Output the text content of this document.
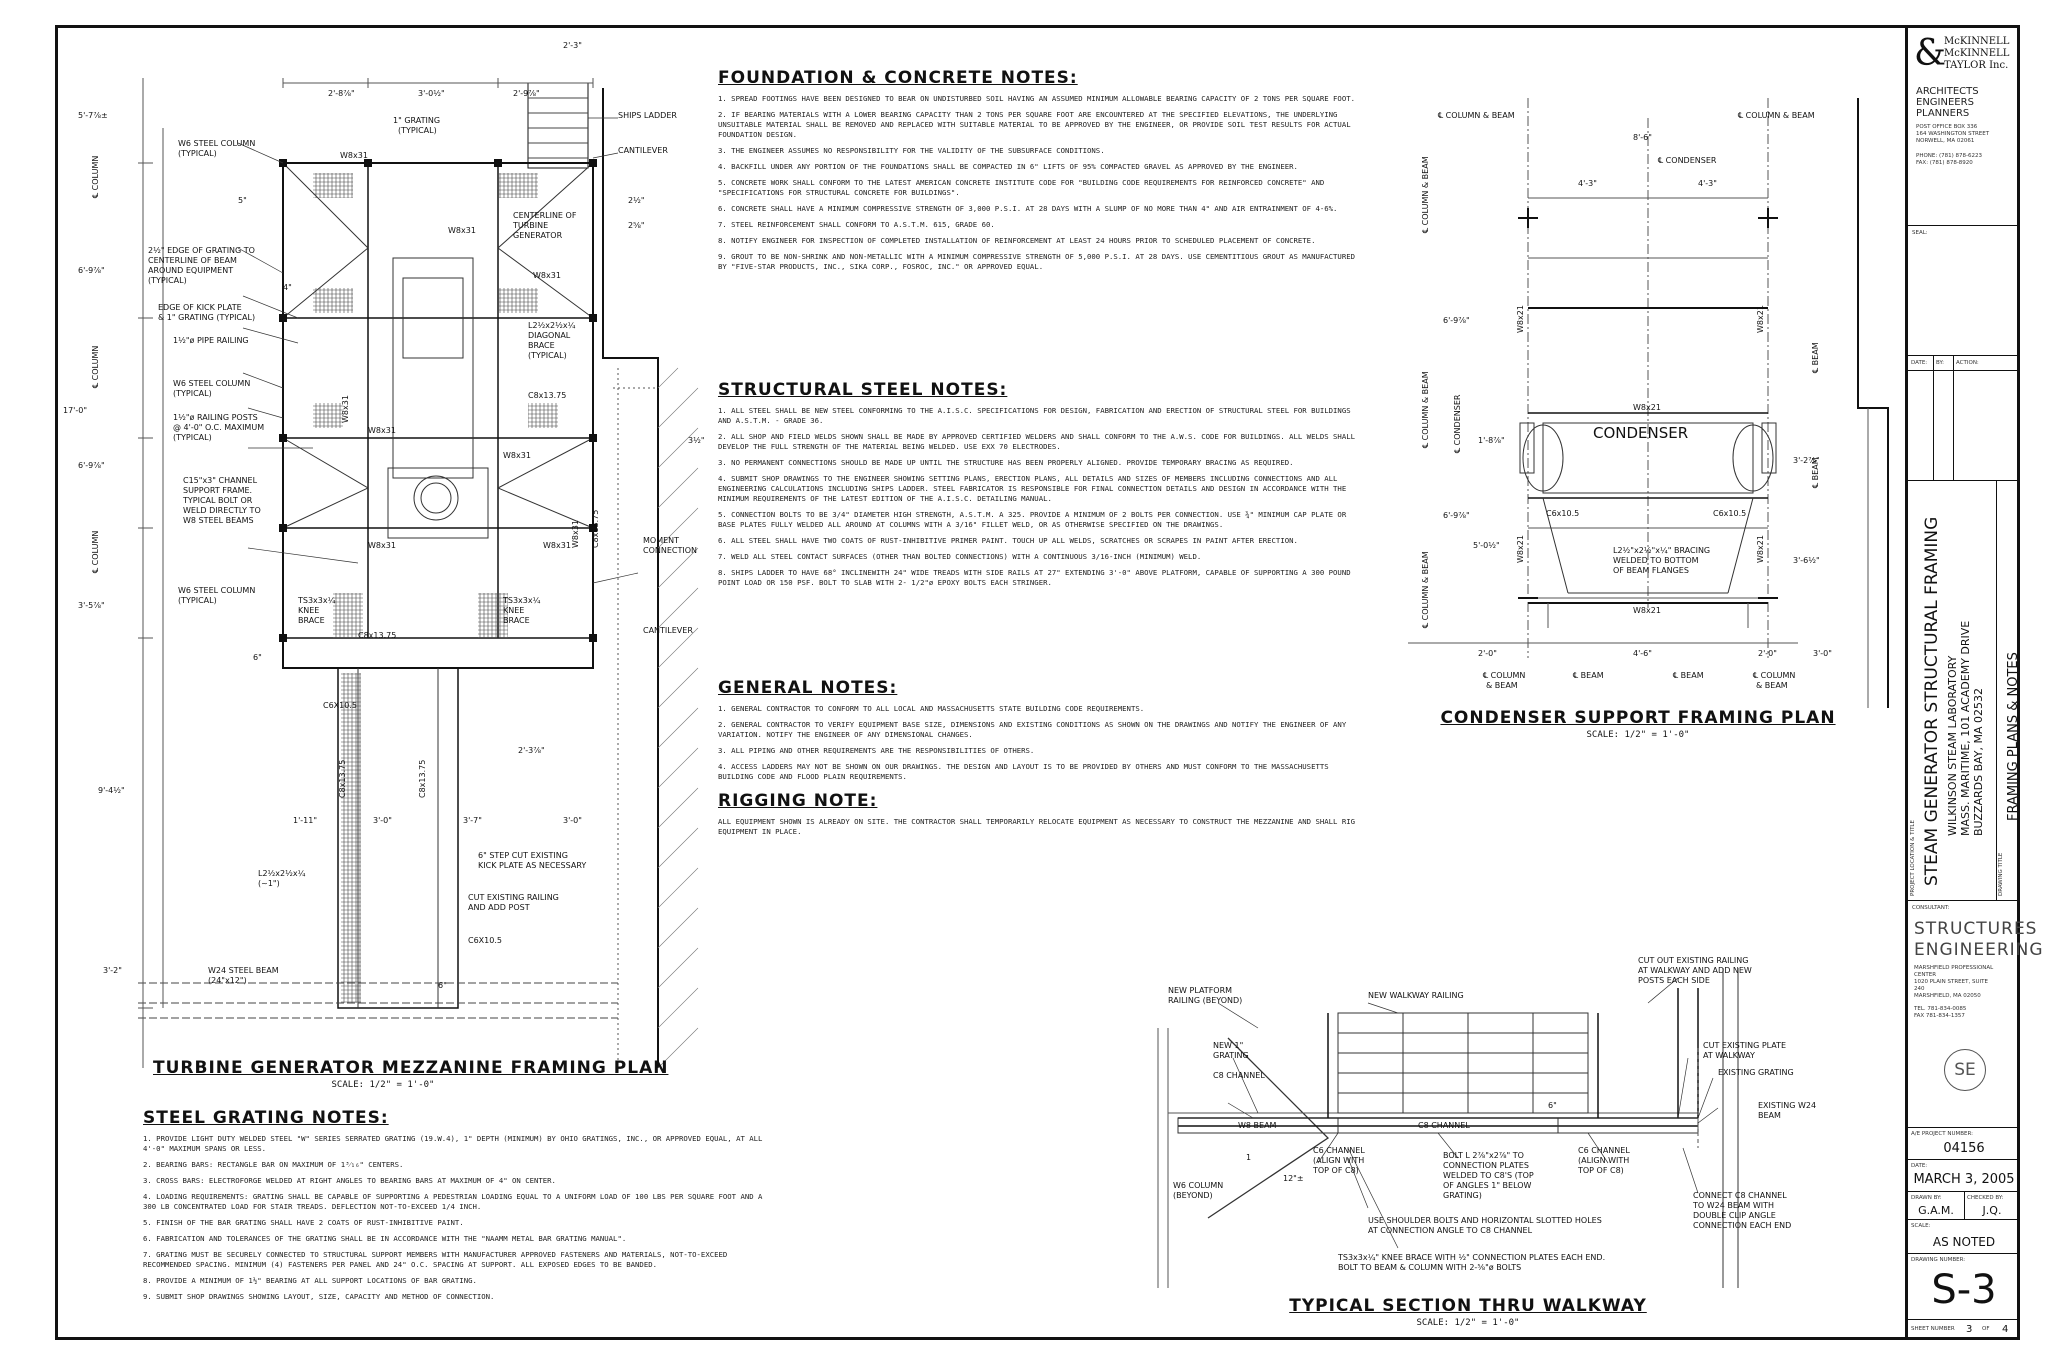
SHIPS LADDER
CANTILEVER
1" GRATING
(TYPICAL)
W6 STEEL COLUMN
(TYPICAL)
CENTERLINE OF
TURBINE
GENERATOR
2½" EDGE OF GRATING TO
CENTERLINE OF BEAM
AROUND EQUIPMENT
(TYPICAL)
EDGE OF KICK PLATE
& 1" GRATING (TYPICAL)
1½"ø PIPE RAILING
W6 STEEL COLUMN
(TYPICAL)
1½"ø RAILING POSTS
@ 4'-0" O.C. MAXIMUM
(TYPICAL)
C15"x3" CHANNEL
SUPPORT FRAME.
TYPICAL BOLT OR
WELD DIRECTLY TO
W8 STEEL BEAMS
W6 STEEL COLUMN
(TYPICAL)
MOMENT
CONNECTION
CANTILEVER
L2½x2½x¼
DIAGONAL
BRACE
(TYPICAL)
TS3x3x¼
KNEE
BRACE
TS3x3x¼
KNEE
BRACE
6" STEP CUT EXISTING
KICK PLATE AS NECESSARY
CUT EXISTING RAILING
AND ADD POST
W24 STEEL BEAM
(24"x12")
L2½x2½x¼
(~1")
C6X10.5
C6X10.5
W8x31
W8x31
W8x31
W8x31
W8x31
W8x31	W8x31
C8x13.75
C8x13.75
2'-8⅞"	3'-0½"	2'-9⅞"
2'-3"
5'-7⅞±
6'-9⅞"
17'-0"
6'-9⅞"
3'-5⅞"
9'-4½"
3'-2"
1'-11"	3'-0"	3'-7"	3'-0"
2'-3⅞"
5"
4"
6"
3½"
2½"
2⅝"
6"
℄ COLUMN
℄ COLUMN
℄ COLUMN
C8x13.75	C8x13.75
C8x13.75
W8x31
W8x31
TURBINE GENERATOR MEZZANINE FRAMING PLAN
SCALE: 1/2" = 1'-0"
FOUNDATION & CONCRETE NOTES:
1. SPREAD FOOTINGS HAVE BEEN DESIGNED TO BEAR ON UNDISTURBED SOIL HAVING AN ASSUMED MINIMUM ALLOWABLE BEARING CAPACITY OF 2 TONS PER SQUARE FOOT.
2. IF BEARING MATERIALS WITH A LOWER BEARING CAPACITY THAN 2 TONS PER SQUARE FOOT ARE ENCOUNTERED AT THE SPECIFIED ELEVATIONS, THE UNDERLYING UNSUITABLE MATERIAL SHALL BE REMOVED AND REPLACED WITH SUITABLE MATERIAL TO BE APPROVED BY THE ENGINEER, OR PROVIDE SOIL TEST RESULTS FOR ACTUAL FOUNDATION DESIGN.
3. THE ENGINEER ASSUMES NO RESPONSIBILITY FOR THE VALIDITY OF THE SUBSURFACE CONDITIONS.
4. BACKFILL UNDER ANY PORTION OF THE FOUNDATIONS SHALL BE COMPACTED IN 6" LIFTS OF 95% COMPACTED GRAVEL AS APPROVED BY THE ENGINEER.
5. CONCRETE WORK SHALL CONFORM TO THE LATEST AMERICAN CONCRETE INSTITUTE CODE FOR "BUILDING CODE REQUIREMENTS FOR REINFORCED CONCRETE" AND "SPECIFICATIONS FOR STRUCTURAL CONCRETE FOR BUILDINGS".
6. CONCRETE SHALL HAVE A MINIMUM COMPRESSIVE STRENGTH OF 3,000 P.S.I. AT 28 DAYS WITH A SLUMP OF NO MORE THAN 4" AND AIR ENTRAINMENT OF 4-6%.
7. STEEL REINFORCEMENT SHALL CONFORM TO A.S.T.M. 615, GRADE 60.
8. NOTIFY ENGINEER FOR INSPECTION OF COMPLETED INSTALLATION OF REINFORCEMENT AT LEAST 24 HOURS PRIOR TO SCHEDULED PLACEMENT OF CONCRETE.
9. GROUT TO BE NON-SHRINK AND NON-METALLIC WITH A MINIMUM COMPRESSIVE STRENGTH OF 5,000 P.S.I. AT 28 DAYS. USE CEMENTITIOUS GROUT AS MANUFACTURED BY "FIVE-STAR PRODUCTS, INC., SIKA CORP., FOSROC, INC." OR APPROVED EQUAL.
STRUCTURAL STEEL NOTES:
1. ALL STEEL SHALL BE NEW STEEL CONFORMING TO THE A.I.S.C. SPECIFICATIONS FOR DESIGN, FABRICATION AND ERECTION OF STRUCTURAL STEEL FOR BUILDINGS AND A.S.T.M. - GRADE 36.
2. ALL SHOP AND FIELD WELDS SHOWN SHALL BE MADE BY APPROVED CERTIFIED WELDERS AND SHALL CONFORM TO THE A.W.S. CODE FOR BUILDINGS. ALL WELDS SHALL DEVELOP THE FULL STRENGTH OF THE MATERIAL BEING WELDED. USE EXX 70 ELECTRODES.
3. NO PERMANENT CONNECTIONS SHOULD BE MADE UP UNTIL THE STRUCTURE HAS BEEN PROPERLY ALIGNED. PROVIDE TEMPORARY BRACING AS REQUIRED.
4. SUBMIT SHOP DRAWINGS TO THE ENGINEER SHOWING SETTING PLANS, ERECTION PLANS, ALL DETAILS AND SIZES OF MEMBERS INCLUDING CONNECTIONS AND ALL ENGINEERING CALCULATIONS INCLUDING SHIPS LADDER. STEEL FABRICATOR IS RESPONSIBLE FOR FINAL CONNECTION DETAILS AND DESIGN IN ACCORDANCE WITH THE MINIMUM REQUIREMENTS OF THE LATEST EDITION OF THE A.I.S.C. DETAILING MANUAL.
5. CONNECTION BOLTS TO BE 3/4" DIAMETER HIGH STRENGTH, A.S.T.M. A 325. PROVIDE A MINIMUM OF 2 BOLTS PER CONNECTION. USE ¾" MINIMUM CAP PLATE OR BASE PLATES FULLY WELDED ALL AROUND AT COLUMNS WITH A 3/16" FILLET WELD, OR AS OTHERWISE SPECIFIED ON THE DRAWINGS.
6. ALL STEEL SHALL HAVE TWO COATS OF RUST-INHIBITIVE PRIMER PAINT. TOUCH UP ALL WELDS, SCRATCHES OR SCRAPES IN PAINT AFTER ERECTION.
7. WELD ALL STEEL CONTACT SURFACES (OTHER THAN BOLTED CONNECTIONS) WITH A CONTINUOUS 3/16-INCH (MINIMUM) WELD.
8. SHIPS LADDER TO HAVE 68° INCLINEWITH 24" WIDE TREADS WITH SIDE RAILS AT 27" EXTENDING 3'-0" ABOVE PLATFORM, CAPABLE OF SUPPORTING A 300 POUND POINT LOAD OR 150 PSF. BOLT TO SLAB WITH 2- 1/2"ø EPOXY BOLTS EACH STRINGER.
GENERAL NOTES:
1. GENERAL CONTRACTOR TO CONFORM TO ALL LOCAL AND MASSACHUSETTS STATE BUILDING CODE REQUIREMENTS.
2. GENERAL CONTRACTOR TO VERIFY EQUIPMENT BASE SIZE, DIMENSIONS AND EXISTING CONDITIONS AS SHOWN ON THE DRAWINGS AND NOTIFY THE ENGINEER OF ANY VARIATION. NOTIFY THE ENGINEER OF ANY DIMENSIONAL CHANGES.
3. ALL PIPING AND OTHER REQUIREMENTS ARE THE RESPONSIBILITIES OF OTHERS.
4. ACCESS LADDERS MAY NOT BE SHOWN ON OUR DRAWINGS. THE DESIGN AND LAYOUT IS TO BE PROVIDED BY OTHERS AND MUST CONFORM TO THE MASSACHUSETTS BUILDING CODE AND FLOOD PLAIN REQUIREMENTS.
RIGGING NOTE:
ALL EQUIPMENT SHOWN IS ALREADY ON SITE. THE CONTRACTOR SHALL TEMPORARILY RELOCATE EQUIPMENT AS NECESSARY TO CONSTRUCT THE MEZZANINE AND SHALL RIG EQUIPMENT IN PLACE.
STEEL GRATING NOTES:
1. PROVIDE LIGHT DUTY WELDED STEEL "W" SERIES SERRATED GRATING (19.W.4), 1" DEPTH (MINIMUM) BY OHIO GRATINGS, INC., OR APPROVED EQUAL, AT ALL 4'-0" MAXIMUM SPANS OR LESS.
2. BEARING BARS: RECTANGLE BAR ON MAXIMUM OF 1³⁄₁₆" CENTERS.
3. CROSS BARS: ELECTROFORGE WELDED AT RIGHT ANGLES TO BEARING BARS AT MAXIMUM OF 4" ON CENTER.
4. LOADING REQUIREMENTS: GRATING SHALL BE CAPABLE OF SUPPORTING A PEDESTRIAN LOADING EQUAL TO A UNIFORM LOAD OF 100 LBS PER SQUARE FOOT AND A 300 LB CONCENTRATED LOAD FOR STAIR TREADS. DEFLECTION NOT-TO-EXCEED 1/4 INCH.
5. FINISH OF THE BAR GRATING SHALL HAVE 2 COATS OF RUST-INHIBITIVE PAINT.
6. FABRICATION AND TOLERANCES OF THE GRATING SHALL BE IN ACCORDANCE WITH THE "NAAMM METAL BAR GRATING MANUAL".
7. GRATING MUST BE SECURELY CONNECTED TO STRUCTURAL SUPPORT MEMBERS WITH MANUFACTURER APPROVED FASTENERS AND MATERIALS, NOT-TO-EXCEED RECOMMENDED SPACING. MINIMUM (4) FASTENERS PER PANEL AND 24" O.C. SPACING AT SUPPORT. ALL EXPOSED EDGES TO BE BANDED.
8. PROVIDE A MINIMUM OF 1½" BEARING AT ALL SUPPORT LOCATIONS OF BAR GRATING.
9. SUBMIT SHOP DRAWINGS SHOWING LAYOUT, SIZE, CAPACITY AND METHOD OF CONNECTION.
℄ COLUMN & BEAM	℄ COLUMN & BEAM
℄ CONDENSER
8'-6"
4'-3"	4'-3"
6'-9⅞"
1'-8⅞"
6'-9⅞"
5'-0½"
3'-2⅞"
3'-6½"
2'-0"	4'-6"	2'-0"	3'-0"
W8x21
W8x21
C6x10.5	C6x10.5
L2½"x2½"x¼" BRACING
WELDED TO BOTTOM
OF BEAM FLANGES
℄ BEAM
℄ BEAM
℄ COLUMN
& BEAM
℄ COLUMN
& BEAM
CONDENSER
℄ COLUMN & BEAM
℄ COLUMN & BEAM
℄ COLUMN & BEAM
℄ CONDENSER
W8x21	W8x21
W8x21	W8x21
℄ BEAM
℄ BEAM
CONDENSER SUPPORT FRAMING PLAN
SCALE: 1/2" = 1'-0"
NEW PLATFORM
RAILING (BEYOND)
NEW WALKWAY RAILING
CUT OUT EXISTING RAILING
AT WALKWAY AND ADD NEW
POSTS EACH SIDE
NEW 1"
GRATING
C8 CHANNEL
CUT EXISTING PLATE
AT WALKWAY
EXISTING GRATING
W8 BEAM	C8 CHANNEL
EXISTING W24
BEAM
C6 CHANNEL
(ALIGN WITH
TOP OF C8)
BOLT L 2⅞"x2⅞" TO
CONNECTION PLATES
WELDED TO C8'S (TOP
OF ANGLES 1" BELOW
GRATING)
C6 CHANNEL
(ALIGN WITH
TOP OF C8)
W6 COLUMN
(BEYOND)
USE SHOULDER BOLTS AND HORIZONTAL SLOTTED HOLES
AT CONNECTION ANGLE TO C8 CHANNEL
CONNECT C8 CHANNEL
TO W24 BEAM WITH
DOUBLE CLIP ANGLE
CONNECTION EACH END
TS3x3x¼" KNEE BRACE WITH ½" CONNECTION PLATES EACH END.
BOLT TO BEAM & COLUMN WITH 2-⅝"ø BOLTS
12"±
6"
1
TYPICAL SECTION THRU WALKWAY
SCALE: 1/2" = 1'-0"
&
McKINNELL
McKINNELL
TAYLOR Inc.
ARCHITECTS
ENGINEERS
PLANNERS
POST OFFICE BOX 336
164 WASHINGTON STREET
NORWELL, MA 02061
PHONE: (781) 878-6223
FAX: (781) 878-8920
SEAL:
DATE: BY: ACTION:
PROJECT LOCATION & TITLE STEAM GENERATOR STRUCTURAL FRAMING WILKINSON STEAM LABORATORY MASS. MARITIME, 101 ACADEMY DRIVE BUZZARDS BAY, MA 02532
DRAWING TITLE
FRAMING PLANS & NOTES
CONSULTANT:
STRUCTURES
ENGINEERING
MARSHFIELD PROFESSIONAL
CENTER
1020 PLAIN STREET, SUITE
240
MARSHFIELD, MA 02050
TEL. 781-834-0085
FAX 781-834-1357
SE
A/E PROJECT NUMBER:
04156
DATE:
MARCH 3, 2005
DRAWN BY:
G.A.M.
CHECKED BY:
J.Q.
SCALE:
AS NOTED
DRAWING NUMBER:
S-3
SHEET NUMBER 3 OF 4
